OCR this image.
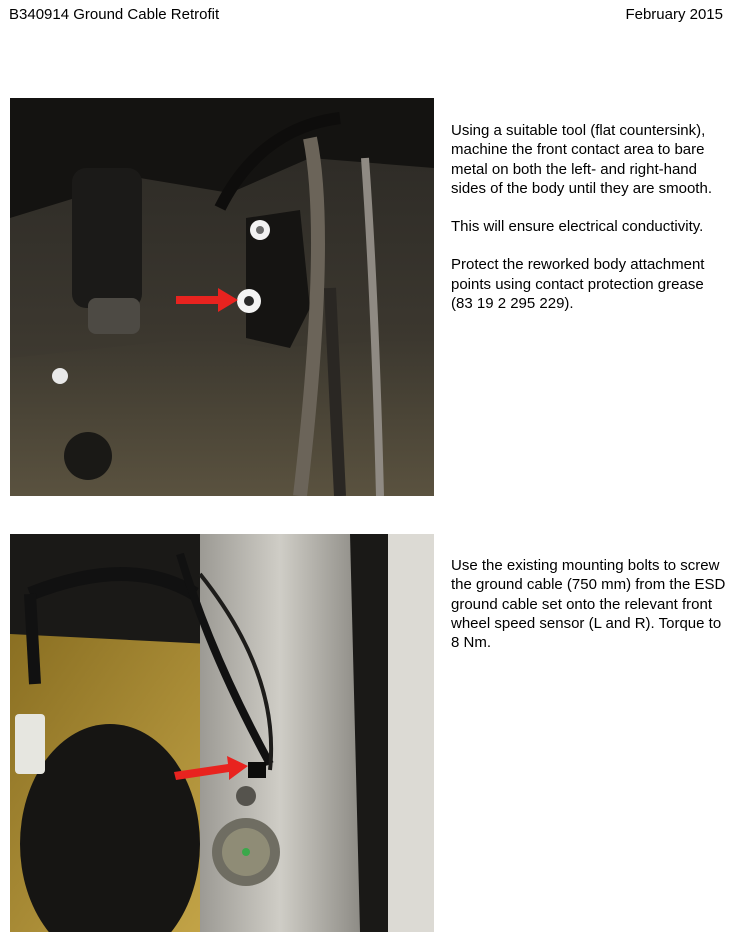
B340914 Ground Cable Retrofit	February 2015

Using a suitable tool (flat countersink), machine the front contact area to bare metal on both the left- and right-hand sides of the body until they are smooth.

This will ensure electrical conductivity.

Protect the reworked body attachment points using contact protection grease (83 19 2 295 229).

Use the existing mounting bolts to screw the ground cable (750 mm) from the ESD ground cable set onto the relevant front wheel speed sensor (L and R). Torque to 8 Nm.
